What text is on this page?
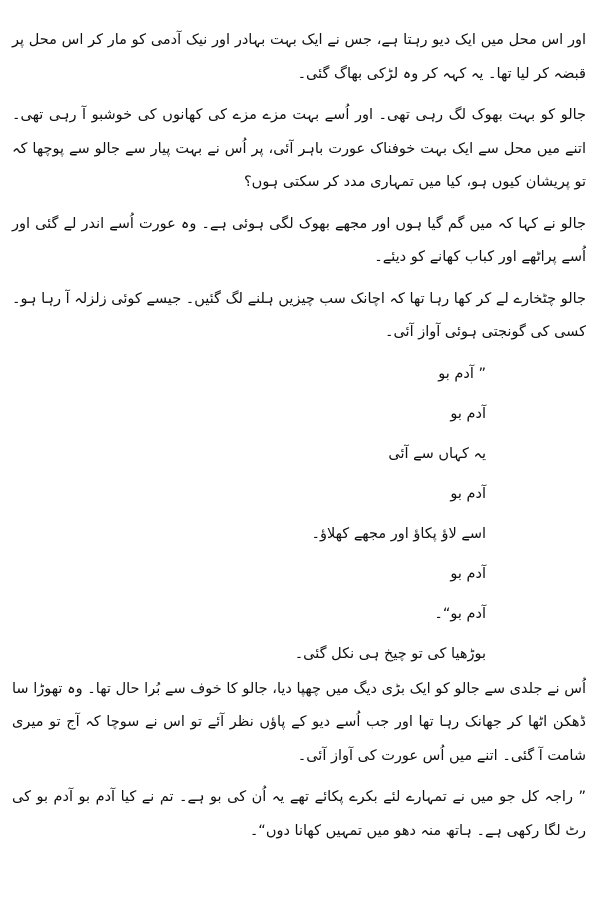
اور اس محل میں ایک دیو رہتا ہے، جس نے ایک بہت بہادر اور نیک آدمی کو مار کر اس محل پر قبضہ کر لیا تھا۔ یہ کہہ کر وہ لڑکی بھاگ گئی۔

جالو کو بہت بھوک لگ رہی تھی۔ اور اُسے بہت مزے مزے کی کھانوں کی خوشبو آ رہی تھی۔ اتنے میں محل سے ایک بہت خوفناک عورت باہر آئی، پر اُس نے بہت پیار سے جالو سے پوچھا کہ تو پریشان کیوں ہو، کیا میں تمہاری مدد کر سکتی ہوں؟

جالو نے کہا کہ میں گم گیا ہوں اور مجھے بھوک لگی ہوئی ہے۔ وہ عورت اُسے اندر لے گئی اور اُسے پراٹھے اور کباب کھانے کو دیئے۔

جالو چٹخارے لے کر کھا رہا تھا کہ اچانک سب چیزیں ہلنے لگ گئیں۔ جیسے کوئی زلزلہ آ رہا ہو۔ کسی کی گونجتی ہوئی آواز آئی۔

” آدم بو
آدم بو
یہ کہاں سے آئی
آدم بو
اسے لاؤ پکاؤ اور مجھے کھلاؤ۔
آدم بو
آدم بو“۔
بوڑھیا کی تو چیخ ہی نکل گئی۔

اُس نے جلدی سے جالو کو ایک بڑی دیگ میں چھپا دیا، جالو کا خوف سے بُرا حال تھا۔ وہ تھوڑا سا ڈھکن اٹھا کر جھانک رہا تھا اور جب اُسے دیو کے پاؤں نظر آئے تو اس نے سوچا کہ آج تو میری شامت آ گئی۔ اتنے میں اُس عورت کی آواز آئی۔

” راجہ کل جو میں نے تمہارے لئے بکرے پکائے تھے یہ اُن کی بو ہے۔ تم نے کیا آدم بو آدم بو کی رٹ لگا رکھی ہے۔ ہاتھ منہ دھو میں تمہیں کھانا دوں“۔
